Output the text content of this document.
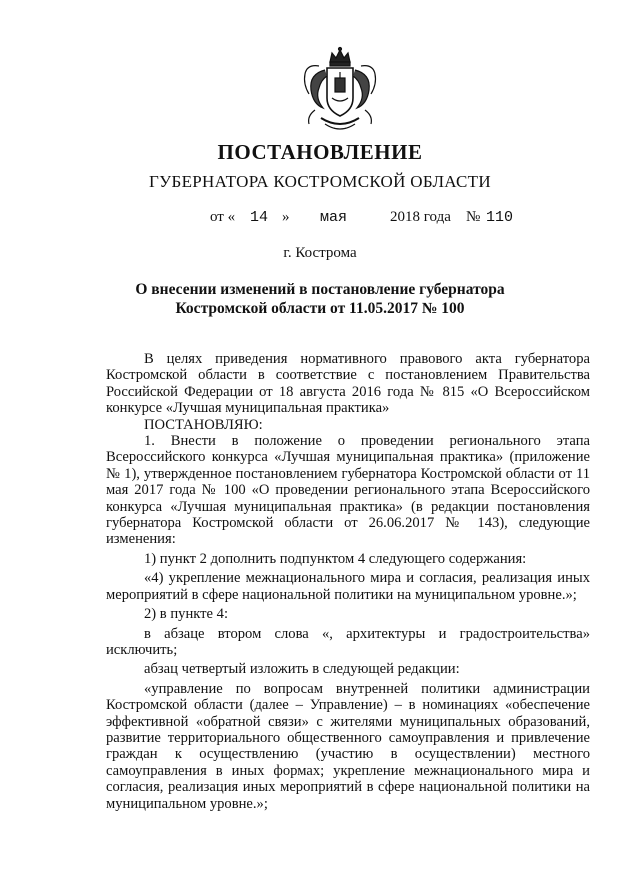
ПОСТАНОВЛЕНИЕ
ГУБЕРНАТОРА КОСТРОМСКОЙ ОБЛАСТИ
от « 14 » мая	2018 года № 110
г. Кострома
О внесении изменений в постановление губернатора
Костромской области от 11.05.2017 № 100
В целях приведения нормативного правового акта губернатора Костромской области в соответствие с постановлением Правительства Российской Федерации от 18 августа 2016 года № 815 «О Всероссийском конкурсе «Лучшая муниципальная практика»
ПОСТАНОВЛЯЮ:
1. Внести в положение о проведении регионального этапа Всероссийского конкурса «Лучшая муниципальная практика» (приложение № 1), утвержденное постановлением губернатора Костромской области от 11 мая 2017 года № 100 «О проведении регионального этапа Всероссийского конкурса «Лучшая муниципальная практика» (в редакции постановления губернатора Костромской области от 26.06.2017 № 143), следующие изменения:
1) пункт 2 дополнить подпунктом 4 следующего содержания:
«4) укрепление межнационального мира и согласия, реализация иных мероприятий в сфере национальной политики на муниципальном уровне.»;
2) в пункте 4:
в абзаце втором слова «, архитектуры и градостроительства» исключить;
абзац четвертый изложить в следующей редакции:
«управление по вопросам внутренней политики администрации Костромской области (далее – Управление) – в номинациях «обеспечение эффективной «обратной связи» с жителями муниципальных образований, развитие территориального общественного самоуправления и привлечение граждан к осуществлению (участию в осуществлении) местного самоуправления в иных формах; укрепление межнационального мира и согласия, реализация иных мероприятий в сфере национальной политики на муниципальном уровне.»;
